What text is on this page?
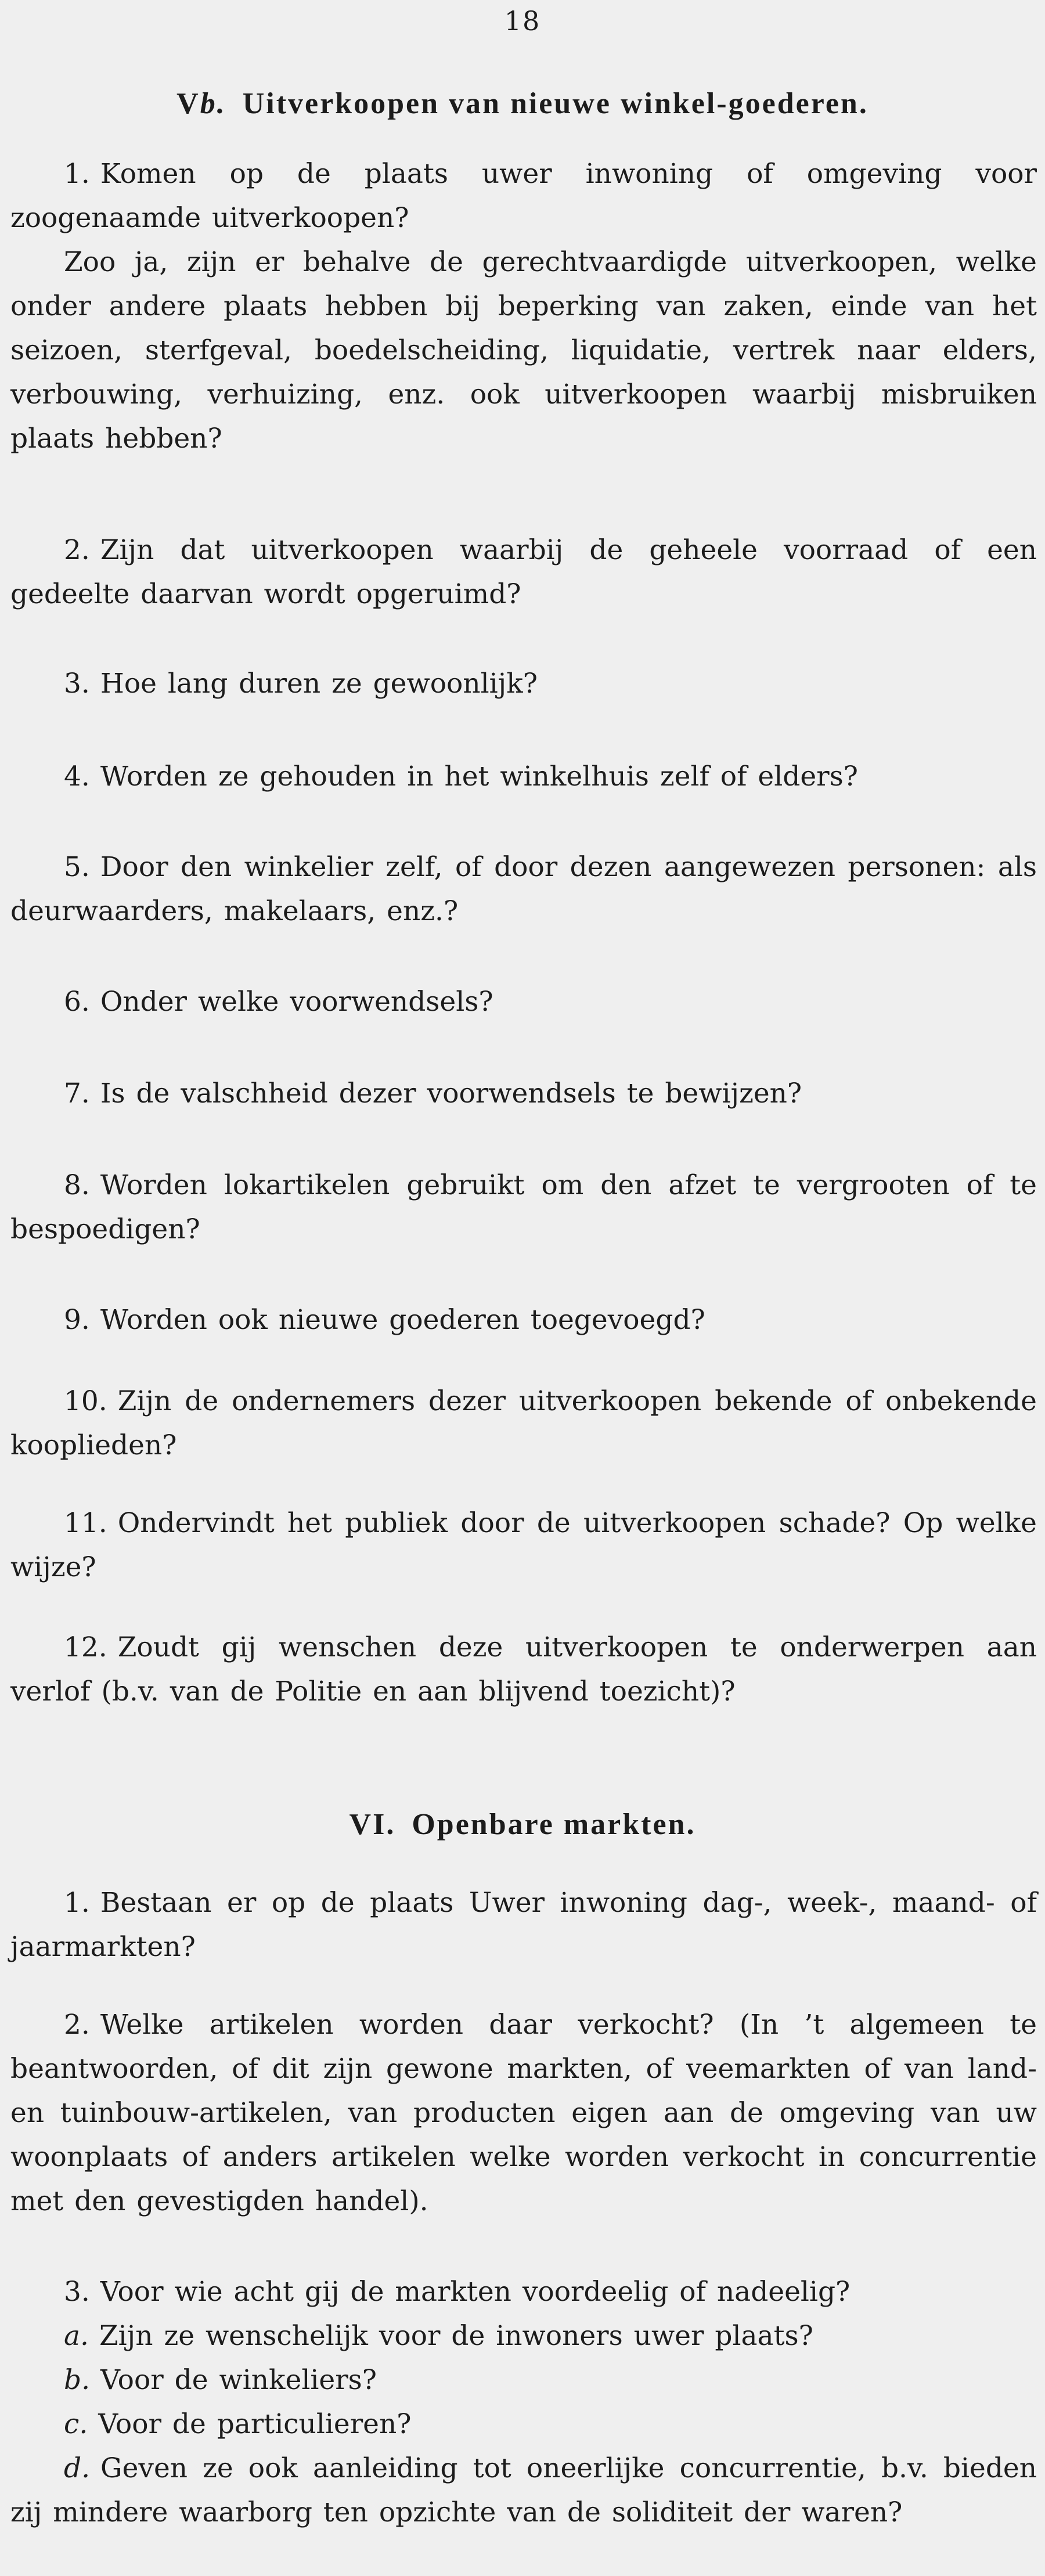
18
Vb. Uitverkoopen van nieuwe winkel-goederen.
1. Komen op de plaats uwer inwoning of omgeving voor zoogenaamde uitverkoopen?
Zoo ja, zijn er behalve de gerechtvaardigde uitverkoopen, welke onder andere plaats hebben bij beperking van zaken, einde van het seizoen, sterfgeval, boedelscheiding, liquidatie, vertrek naar elders, verbouwing, verhuizing, enz. ook uitverkoopen waarbij misbruiken plaats hebben?
2. Zijn dat uitverkoopen waarbij de geheele voorraad of een gedeelte daarvan wordt opgeruimd?
3. Hoe lang duren ze gewoonlijk?
4. Worden ze gehouden in het winkelhuis zelf of elders?
5. Door den winkelier zelf, of door dezen aangewezen personen: als deurwaarders, makelaars, enz.?
6. Onder welke voorwendsels?
7. Is de valschheid dezer voorwendsels te bewijzen?
8. Worden lokartikelen gebruikt om den afzet te vergrooten of te bespoedigen?
9. Worden ook nieuwe goederen toegevoegd?
10. Zijn de ondernemers dezer uitverkoopen bekende of onbekende kooplieden?
11. Ondervindt het publiek door de uitverkoopen schade? Op welke wijze?
12. Zoudt gij wenschen deze uitverkoopen te onderwerpen aan verlof (b.v. van de Politie en aan blijvend toezicht)?
VI. Openbare markten.
1. Bestaan er op de plaats Uwer inwoning dag-, week-, maand- of jaarmarkten?
2. Welke artikelen worden daar verkocht? (In ’t algemeen te beantwoorden, of dit zijn gewone markten, of veemarkten of van land- en tuinbouw-artikelen, van producten eigen aan de omgeving van uw woonplaats of anders artikelen welke worden verkocht in concurrentie met den gevestigden handel).
3. Voor wie acht gij de markten voordeelig of nadeelig?
a. Zijn ze wenschelijk voor de inwoners uwer plaats?
b. Voor de winkeliers?
c. Voor de particulieren?
d. Geven ze ook aanleiding tot oneerlijke concurrentie, b.v. bieden zij mindere waarborg ten opzichte van de soliditeit der waren?
